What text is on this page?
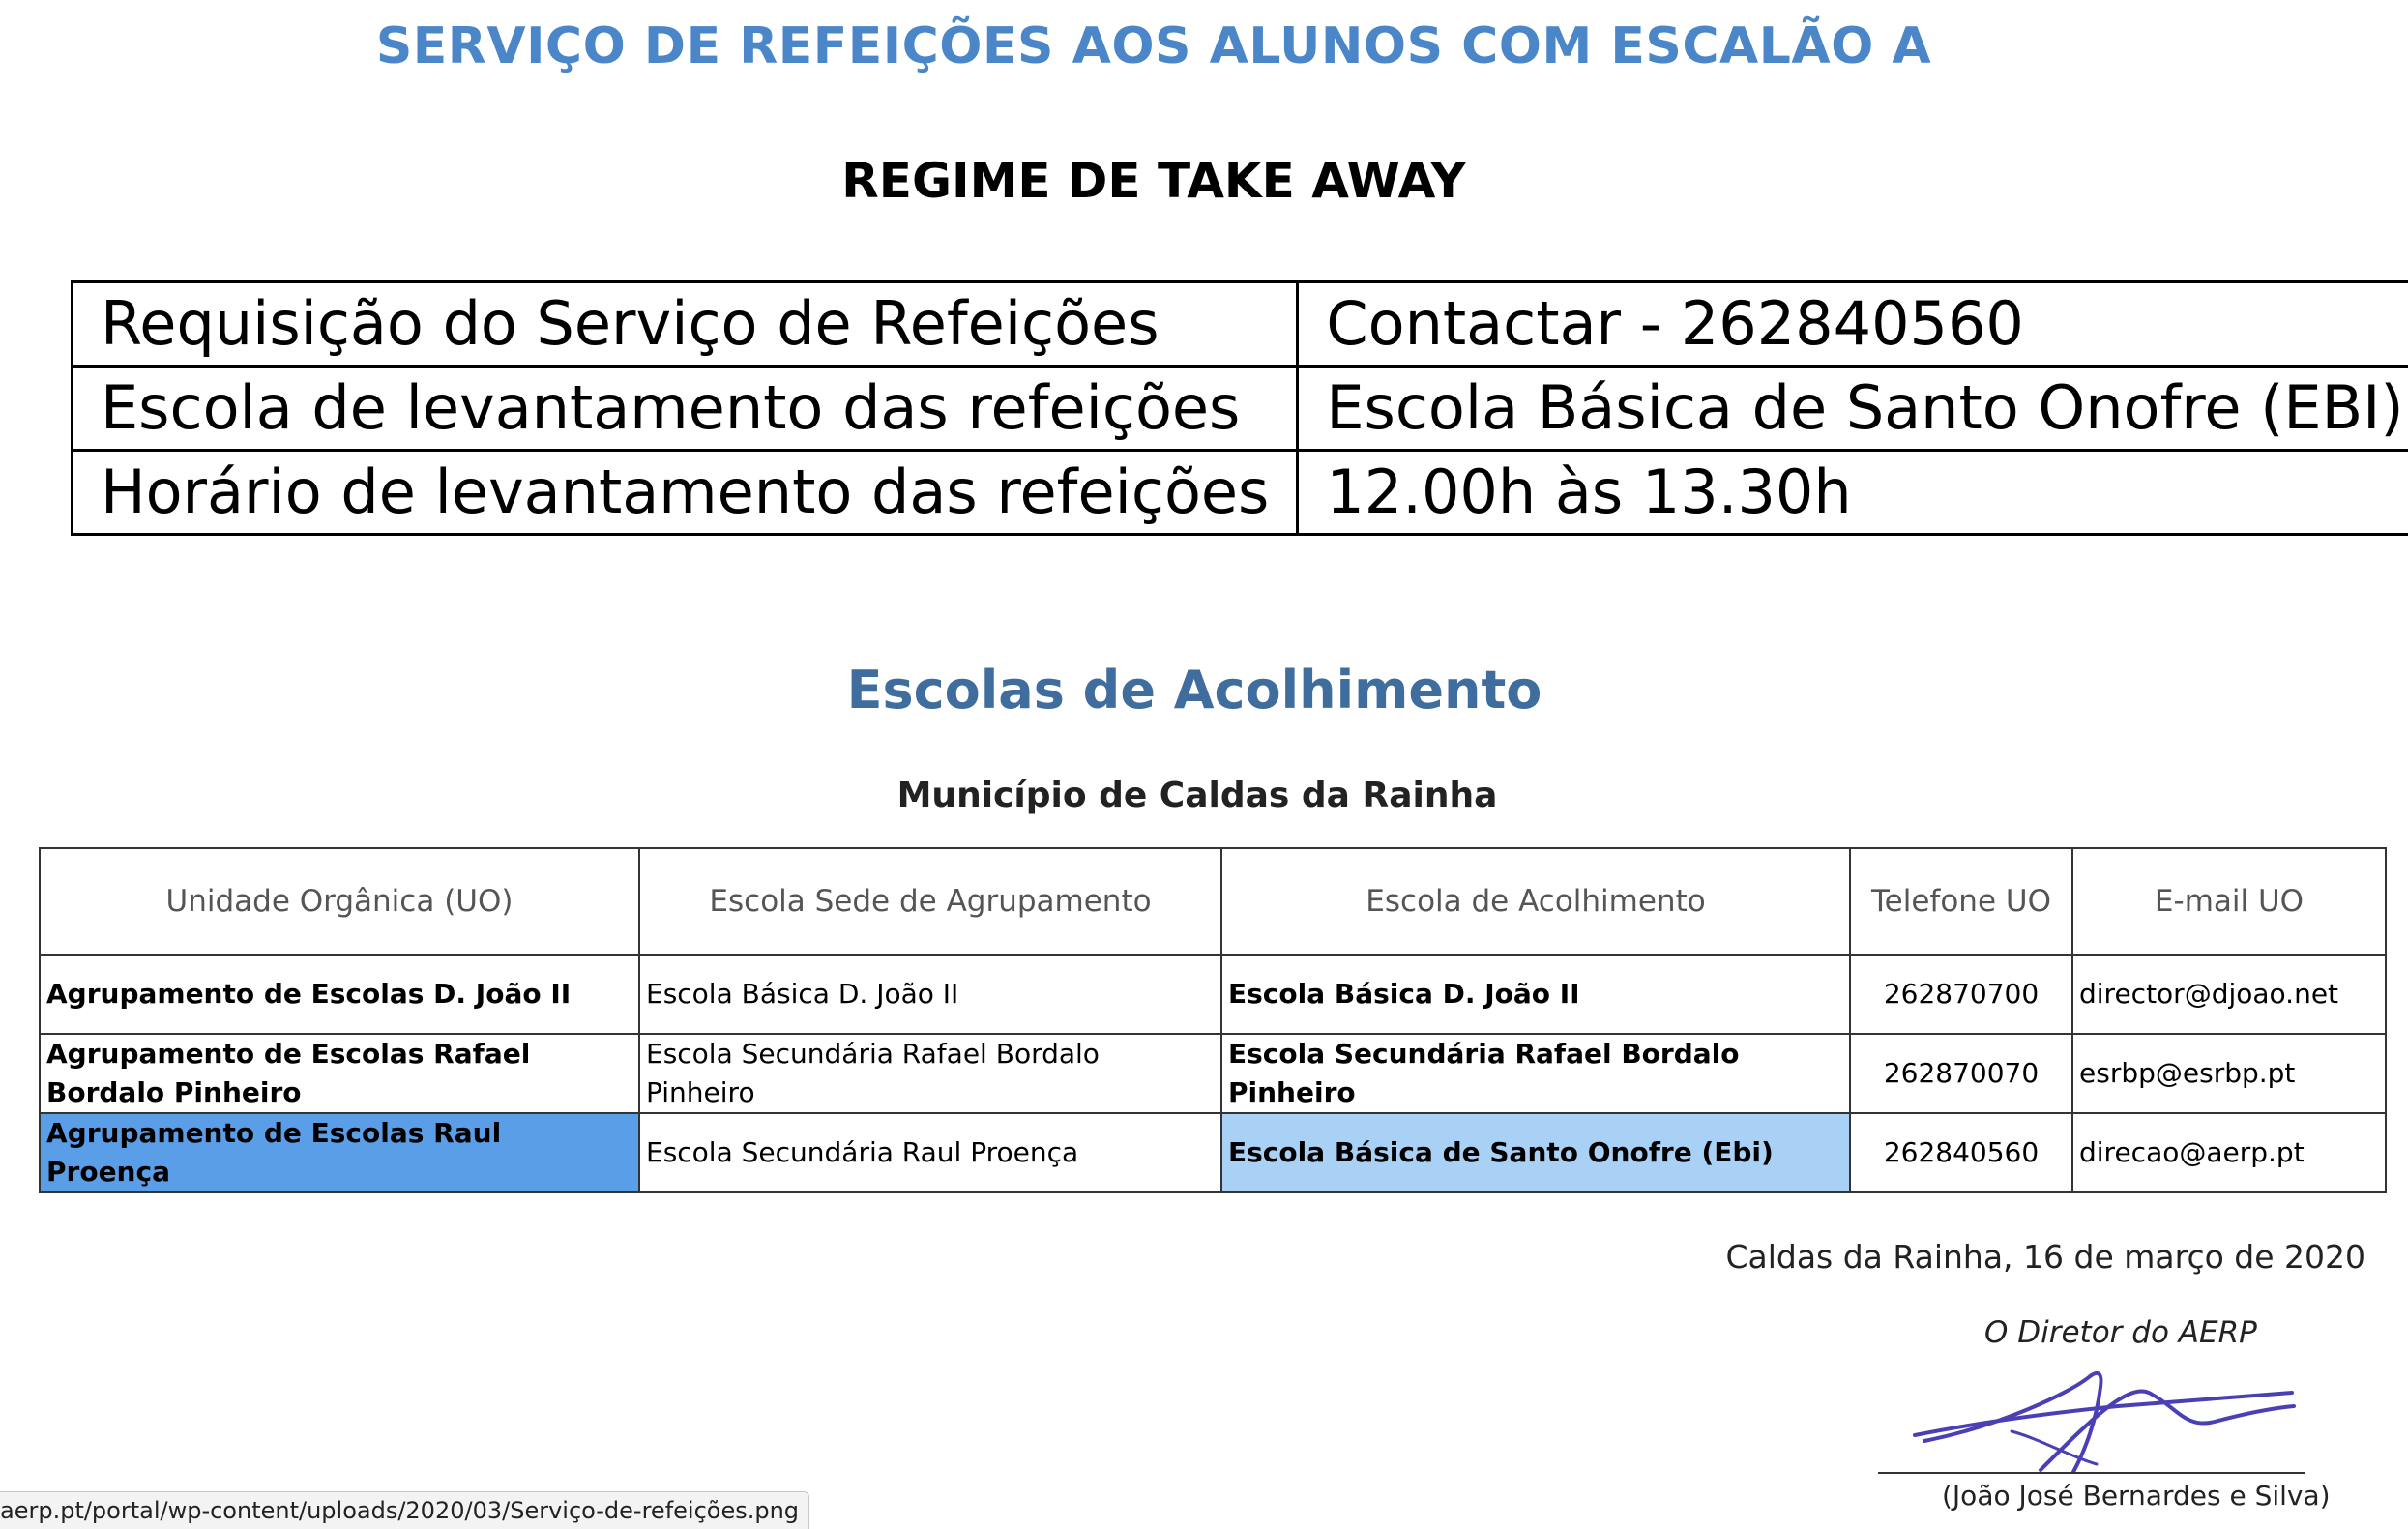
SERVIÇO DE REFEIÇÕES AOS ALUNOS COM ESCALÃO A
REGIME DE TAKE AWAY
Requisição do Serviço de Refeições	Contactar - 262840560
Escola de levantamento das refeições	Escola Básica de Santo Onofre (EBI)
Horário de levantamento das refeições	12.00h às 13.30h
Escolas de Acolhimento
Município de Caldas da Rainha
Unidade Orgânica (UO)	Escola Sede de Agrupamento	Escola de Acolhimento	Telefone UO	E-mail UO
Agrupamento de Escolas D. João II	Escola Básica D. João II	Escola Básica D. João II	262870700	director@djoao.net
Agrupamento de Escolas Rafael Bordalo Pinheiro	Escola Secundária Rafael Bordalo Pinheiro	Escola Secundária Rafael Bordalo Pinheiro	262870070	esrbp@esrbp.pt
Agrupamento de Escolas Raul Proença	Escola Secundária Raul Proença	Escola Básica de Santo Onofre (Ebi)	262840560	direcao@aerp.pt
Caldas da Rainha, 16 de março de 2020
O Diretor do AERP
(João José Bernardes e Silva)
aerp.pt/portal/wp-content/uploads/2020/03/Serviço-de-refeições.png
